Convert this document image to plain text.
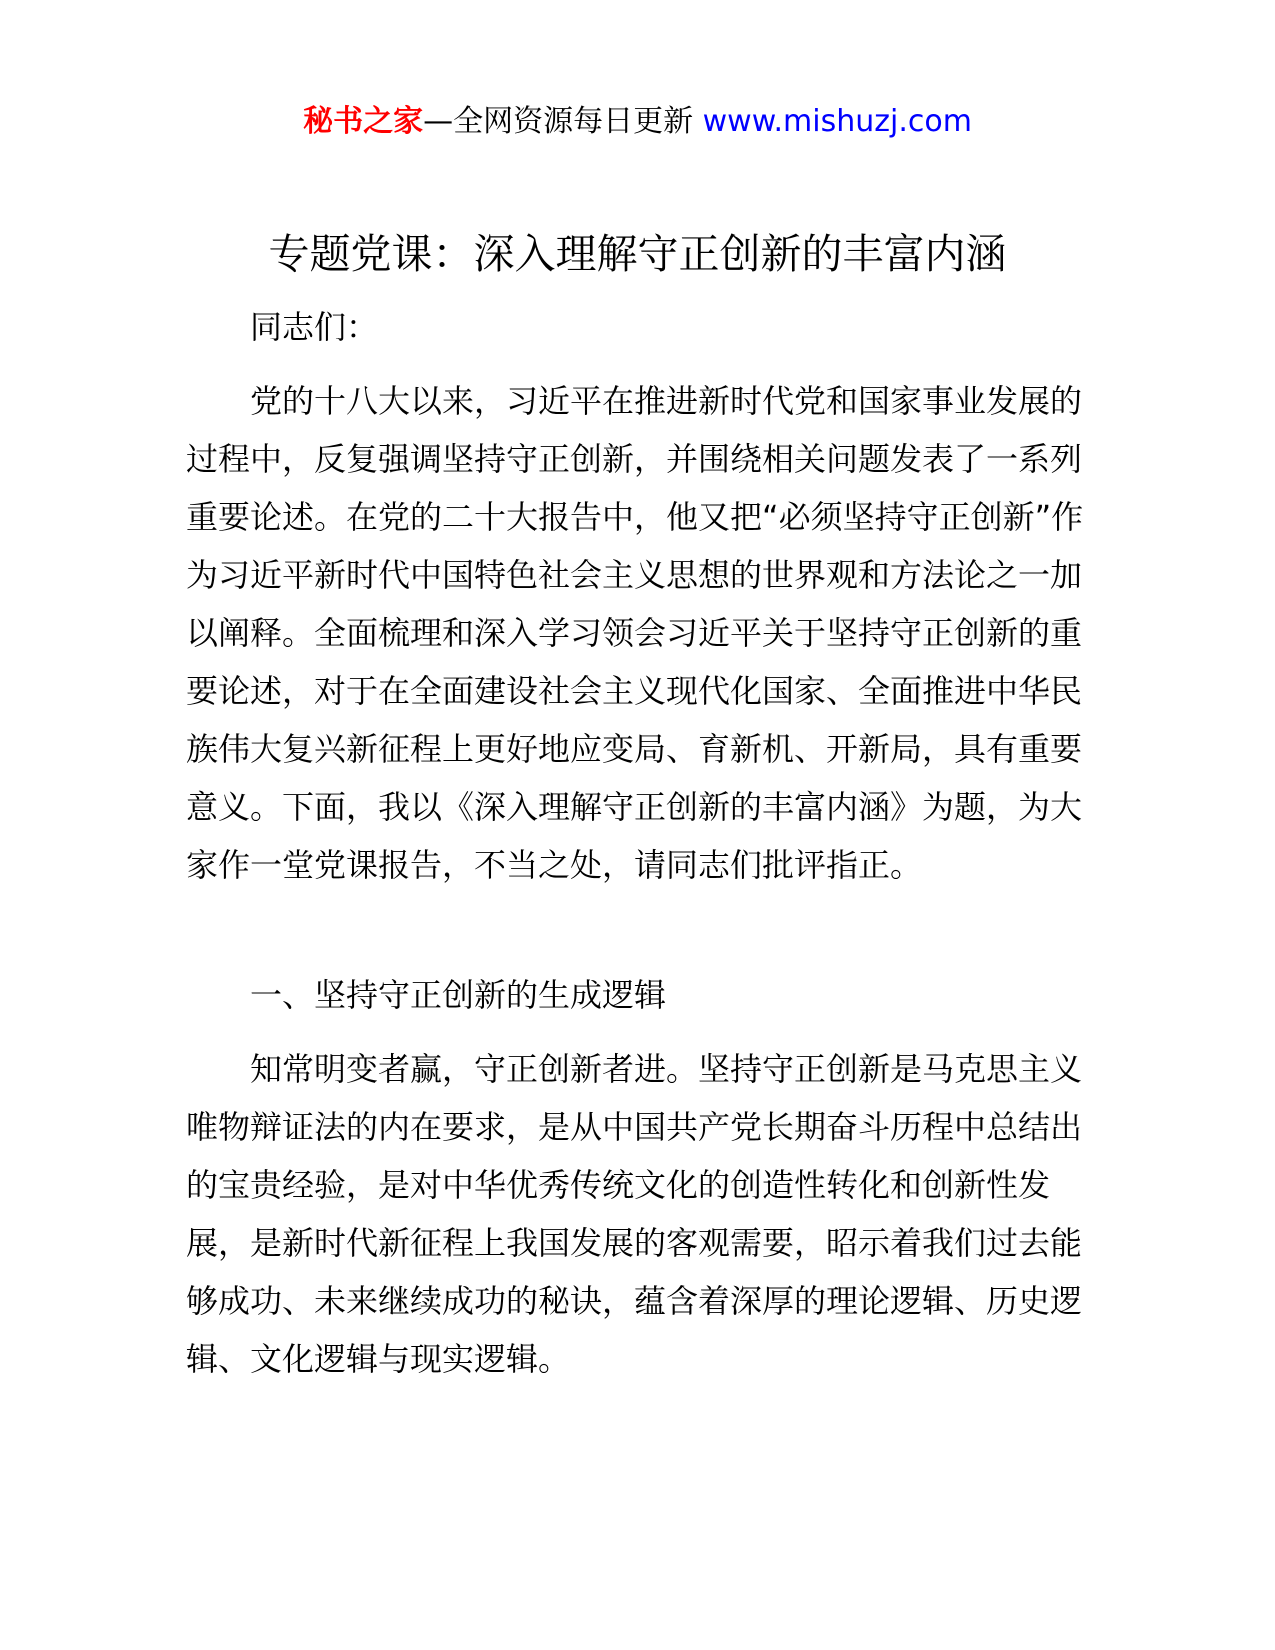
秘书之家—全网资源每日更新 www.mishuzj.com
专题党课：深入理解守正创新的丰富内涵

同志们：

党的十八大以来，习近平在推进新时代党和国家事业发展的过程中，反复强调坚持守正创新，并围绕相关问题发表了一系列重要论述。在党的二十大报告中，他又把“必须坚持守正创新”作为习近平新时代中国特色社会主义思想的世界观和方法论之一加以阐释。全面梳理和深入学习领会习近平关于坚持守正创新的重要论述，对于在全面建设社会主义现代化国家、全面推进中华民族伟大复兴新征程上更好地应变局、育新机、开新局，具有重要意义。下面，我以《深入理解守正创新的丰富内涵》为题，为大家作一堂党课报告，不当之处，请同志们批评指正。

一、坚持守正创新的生成逻辑

知常明变者赢，守正创新者进。坚持守正创新是马克思主义唯物辩证法的内在要求，是从中国共产党长期奋斗历程中总结出的宝贵经验，是对中华优秀传统文化的创造性转化和创新性发展，是新时代新征程上我国发展的客观需要，昭示着我们过去能够成功、未来继续成功的秘诀，蕴含着深厚的理论逻辑、历史逻辑、文化逻辑与现实逻辑。
